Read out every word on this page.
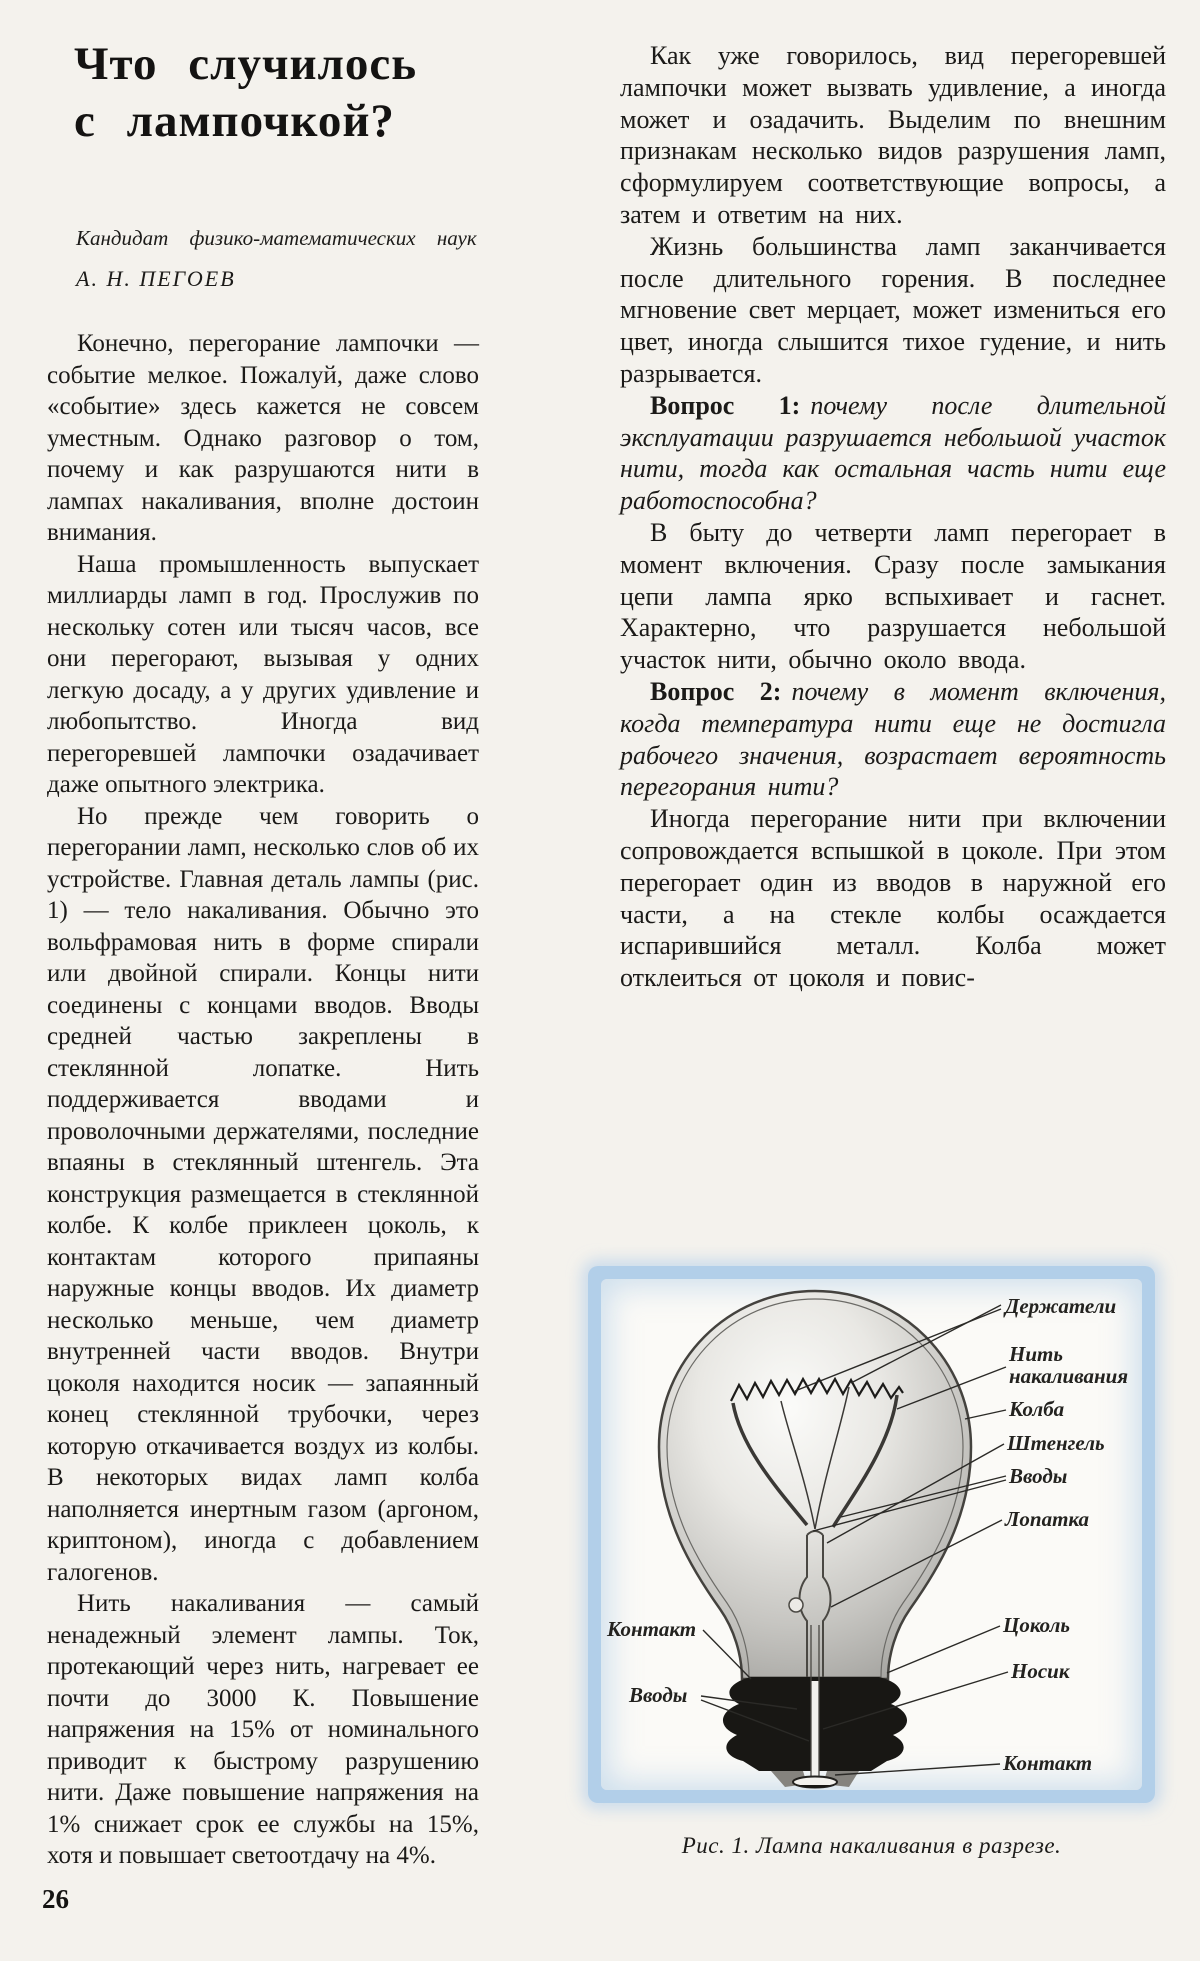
Что случилось
с лампочкой?
Кандидат физико-математических наук
А. Н. ПЕГОЕВ

Конечно, перегорание лампочки — событие мелкое. Пожалуй, даже слово «событие» здесь кажется не совсем уместным. Однако разговор о том, почему и как разрушаются нити в лампах накаливания, вполне достоин внимания.

Наша промышленность выпускает миллиарды ламп в год. Прослужив по нескольку сотен или тысяч часов, все они перегорают, вызывая у одних легкую досаду, а у других удивление и любопытство. Иногда вид перегоревшей лампочки озадачивает даже опытного электрика.

Но прежде чем говорить о перегорании ламп, несколько слов об их устройстве. Главная деталь лампы (рис. 1) — тело накаливания. Обычно это вольфрамовая нить в форме спирали или двойной спирали. Концы нити соединены с концами вводов. Вводы средней частью закреплены в стеклянной лопатке. Нить поддерживается вводами и проволочными держателями, последние впаяны в стеклянный штенгель. Эта конструкция размещается в стеклянной колбе. К колбе приклеен цоколь, к контактам которого припаяны наружные концы вводов. Их диаметр несколько меньше, чем диаметр внутренней части вводов. Внутри цоколя находится носик — запаянный конец стеклянной трубочки, через которую откачивается воздух из колбы. В некоторых видах ламп колба наполняется инертным газом (аргоном, криптоном), иногда с добавлением галогенов.

Нить накаливания — самый ненадежный элемент лампы. Ток, протекающий через нить, нагревает ее почти до 3000 К. Повышение напряжения на 15% от номинального приводит к быстрому разрушению нити. Даже повышение напряжения на 1% снижает срок ее службы на 15%, хотя и повышает светоотдачу на 4%.

Как уже говорилось, вид перегоревшей лампочки может вызвать удивление, а иногда может и озадачить. Выделим по внешним признакам несколько видов разрушения ламп, сформулируем соответствующие вопросы, а затем и ответим на них.

Жизнь большинства ламп заканчивается после длительного горения. В последнее мгновение свет мерцает, может измениться его цвет, иногда слышится тихое гудение, и нить разрывается.

Вопрос 1: почему после длительной эксплуатации разрушается небольшой участок нити, тогда как остальная часть нити еще работоспособна?

В быту до четверти ламп перегорает в момент включения. Сразу после замыкания цепи лампа ярко вспыхивает и гаснет. Характерно, что разрушается небольшой участок нити, обычно около ввода.

Вопрос 2: почему в момент включения, когда температура нити еще не достигла рабочего значения, возрастает вероятность перегорания нити?

Иногда перегорание нити при включении сопровождается вспышкой в цоколе. При этом перегорает один из вводов в наружной его части, а на стекле колбы осаждается испарившийся металл. Колба может отклеиться от цоколя и повис-

Держатели
Нить
накаливания
Колба
Штенгель
Вводы
Лопатка
Цоколь
Носик
Контакт
Контакт
Вводы
Рис. 1. Лампа накаливания в разрезе.
26
